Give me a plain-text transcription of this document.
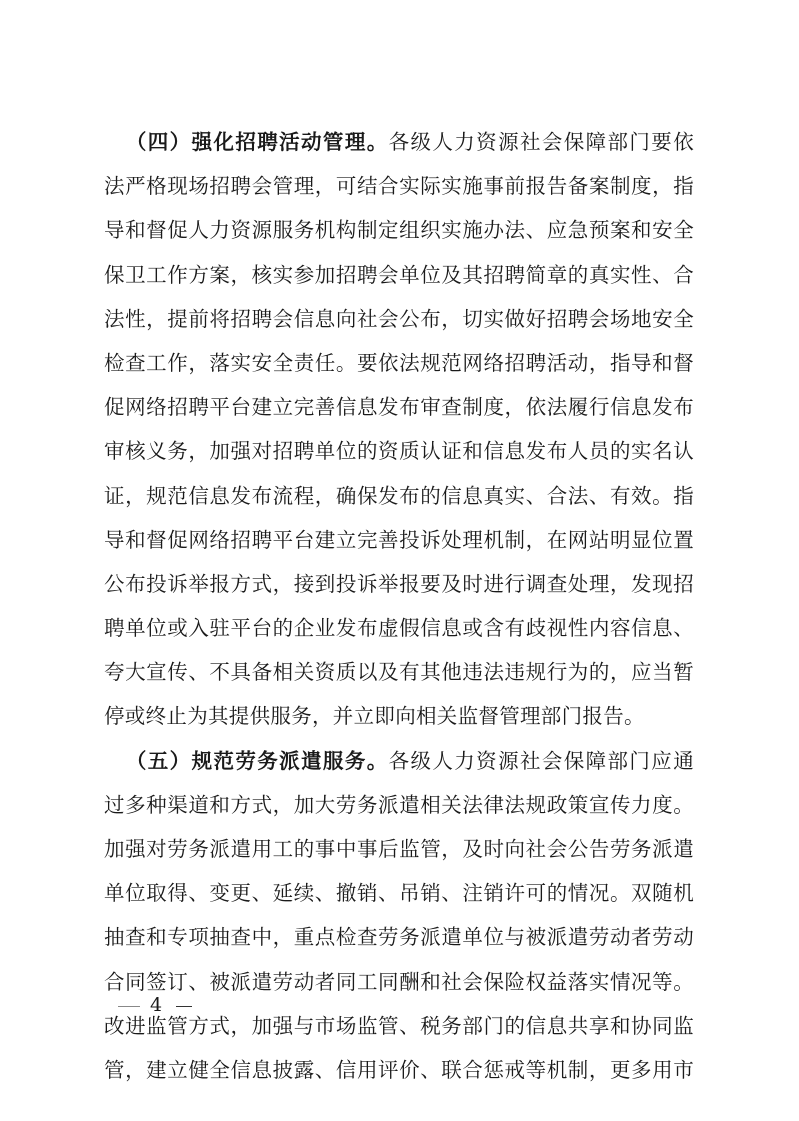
 （四）强化招聘活动管理。各级人力资源社会保障部门要依
法严格现场招聘会管理，可结合实际实施事前报告备案制度，指
导和督促人力资源服务机构制定组织实施办法、应急预案和安全
保卫工作方案，核实参加招聘会单位及其招聘简章的真实性、合
法性，提前将招聘会信息向社会公布，切实做好招聘会场地安全
检查工作，落实安全责任。要依法规范网络招聘活动，指导和督
促网络招聘平台建立完善信息发布审查制度，依法履行信息发布
审核义务，加强对招聘单位的资质认证和信息发布人员的实名认
证，规范信息发布流程，确保发布的信息真实、合法、有效。指
导和督促网络招聘平台建立完善投诉处理机制，在网站明显位置
公布投诉举报方式，接到投诉举报要及时进行调查处理，发现招
聘单位或入驻平台的企业发布虚假信息或含有歧视性内容信息、
夸大宣传、不具备相关资质以及有其他违法违规行为的，应当暂
停或终止为其提供服务，并立即向相关监督管理部门报告。
 （五）规范劳务派遣服务。各级人力资源社会保障部门应通
过多种渠道和方式，加大劳务派遣相关法律法规政策宣传力度。
加强对劳务派遣用工的事中事后监管，及时向社会公告劳务派遣
单位取得、变更、延续、撤销、吊销、注销许可的情况。双随机
抽查和专项抽查中，重点检查劳务派遣单位与被派遣劳动者劳动
合同签订、被派遣劳动者同工同酬和社会保险权益落实情况等。
改进监管方式，加强与市场监管、税务部门的信息共享和协同监
管，建立健全信息披露、信用评价、联合惩戒等机制，更多用市
4
